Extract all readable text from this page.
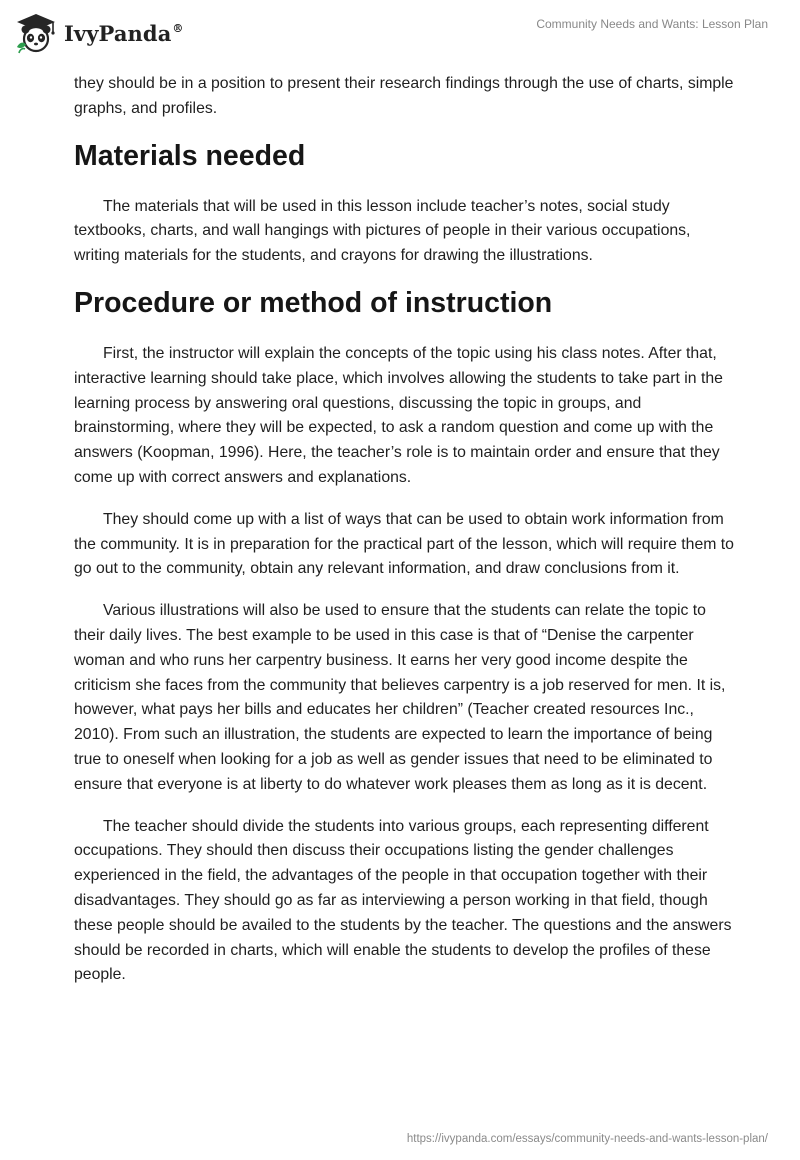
IvyPanda®	Community Needs and Wants: Lesson Plan

they should be in a position to present their research findings through the use of charts, simple graphs, and profiles.

Materials needed

The materials that will be used in this lesson include teacher’s notes, social study textbooks, charts, and wall hangings with pictures of people in their various occupations, writing materials for the students, and crayons for drawing the illustrations.

Procedure or method of instruction

First, the instructor will explain the concepts of the topic using his class notes. After that, interactive learning should take place, which involves allowing the students to take part in the learning process by answering oral questions, discussing the topic in groups, and brainstorming, where they will be expected, to ask a random question and come up with the answers (Koopman, 1996). Here, the teacher’s role is to maintain order and ensure that they come up with correct answers and explanations.

They should come up with a list of ways that can be used to obtain work information from the community. It is in preparation for the practical part of the lesson, which will require them to go out to the community, obtain any relevant information, and draw conclusions from it.

Various illustrations will also be used to ensure that the students can relate the topic to their daily lives. The best example to be used in this case is that of “Denise the carpenter woman and who runs her carpentry business. It earns her very good income despite the criticism she faces from the community that believes carpentry is a job reserved for men. It is, however, what pays her bills and educates her children” (Teacher created resources Inc., 2010). From such an illustration, the students are expected to learn the importance of being true to oneself when looking for a job as well as gender issues that need to be eliminated to ensure that everyone is at liberty to do whatever work pleases them as long as it is decent.

The teacher should divide the students into various groups, each representing different occupations. They should then discuss their occupations listing the gender challenges experienced in the field, the advantages of the people in that occupation together with their disadvantages. They should go as far as interviewing a person working in that field, though these people should be availed to the students by the teacher. The questions and the answers should be recorded in charts, which will enable the students to develop the profiles of these people.

https://ivypanda.com/essays/community-needs-and-wants-lesson-plan/
